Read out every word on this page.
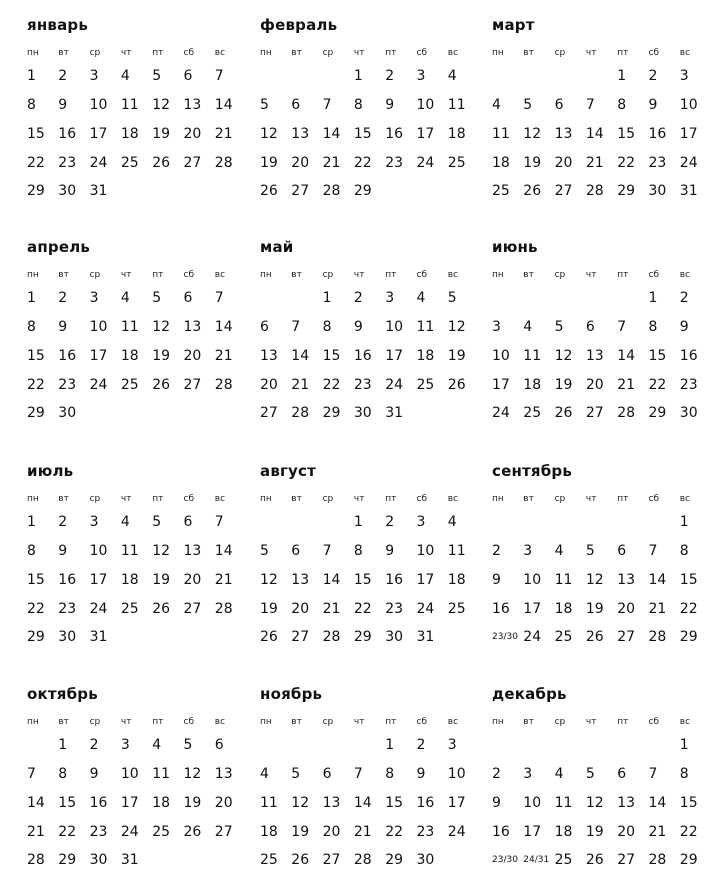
январь
пн вт ср чт пт сб вс
1 2 3 4 5 6 7
8 9 10 11 12 13 14
15 16 17 18 19 20 21
22 23 24 25 26 27 28
29 30 31
февраль
пн вт ср чт пт сб вс
1 2 3 4
5 6 7 8 9 10 11
12 13 14 15 16 17 18
19 20 21 22 23 24 25
26 27 28 29
март
пн вт ср чт пт сб вс
1 2 3
4 5 6 7 8 9 10
11 12 13 14 15 16 17
18 19 20 21 22 23 24
25 26 27 28 29 30 31
апрель
пн вт ср чт пт сб вс
1 2 3 4 5 6 7
8 9 10 11 12 13 14
15 16 17 18 19 20 21
22 23 24 25 26 27 28
29 30
май
пн вт ср чт пт сб вс
1 2 3 4 5
6 7 8 9 10 11 12
13 14 15 16 17 18 19
20 21 22 23 24 25 26
27 28 29 30 31
июнь
пн вт ср чт пт сб вс
1 2
3 4 5 6 7 8 9
10 11 12 13 14 15 16
17 18 19 20 21 22 23
24 25 26 27 28 29 30
июль
пн вт ср чт пт сб вс
1 2 3 4 5 6 7
8 9 10 11 12 13 14
15 16 17 18 19 20 21
22 23 24 25 26 27 28
29 30 31
август
пн вт ср чт пт сб вс
1 2 3 4
5 6 7 8 9 10 11
12 13 14 15 16 17 18
19 20 21 22 23 24 25
26 27 28 29 30 31
сентябрь
пн вт ср чт пт сб вс
1
2 3 4 5 6 7 8
9 10 11 12 13 14 15
16 17 18 19 20 21 22
23/30 24 25 26 27 28 29
октябрь
пн вт ср чт пт сб вс
1 2 3 4 5 6
7 8 9 10 11 12 13
14 15 16 17 18 19 20
21 22 23 24 25 26 27
28 29 30 31
ноябрь
пн вт ср чт пт сб вс
1 2 3
4 5 6 7 8 9 10
11 12 13 14 15 16 17
18 19 20 21 22 23 24
25 26 27 28 29 30
декабрь
пн вт ср чт пт сб вс
1
2 3 4 5 6 7 8
9 10 11 12 13 14 15
16 17 18 19 20 21 22
23/30 24/31 25 26 27 28 29
